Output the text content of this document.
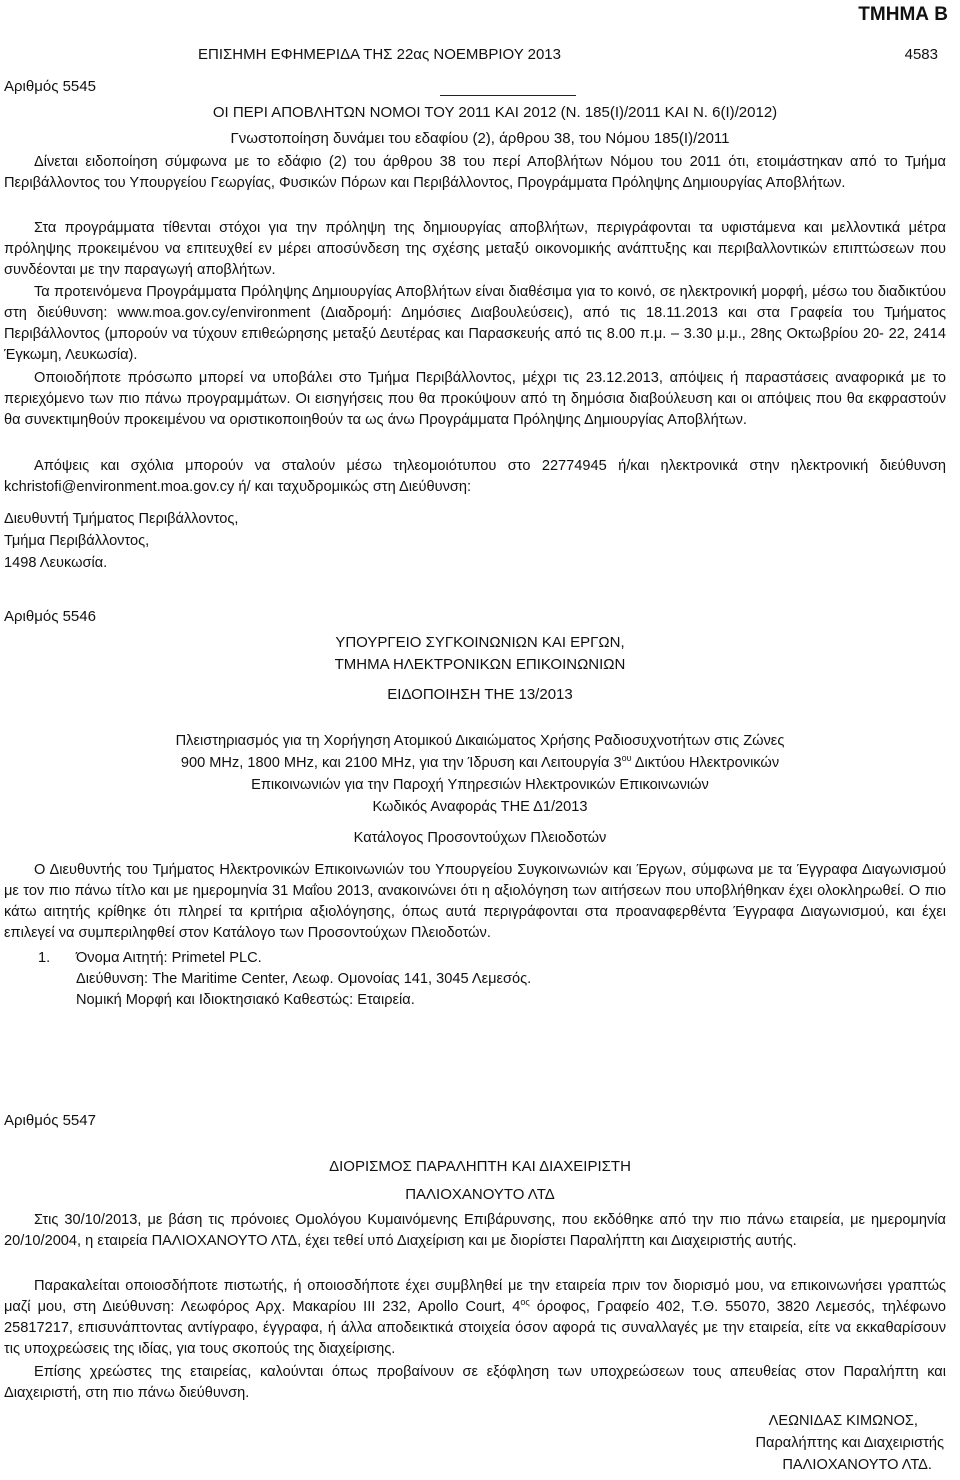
ΤΜΗΜΑ Β
ΕΠΙΣΗΜΗ ΕΦΗΜΕΡΙΔΑ ΤΗΣ 22ας ΝΟΕΜΒΡΙΟΥ 2013	4583
Αριθμός 5545
ΟΙ ΠΕΡΙ ΑΠΟΒΛΗΤΩΝ ΝΟΜΟΙ ΤΟΥ 2011 ΚΑΙ 2012 (Ν. 185(Ι)/2011 ΚΑΙ Ν. 6(Ι)/2012)
Γνωστοποίηση δυνάμει του εδαφίου (2), άρθρου 38, του Νόμου 185(Ι)/2011
Δίνεται ειδοποίηση σύμφωνα με το εδάφιο (2) του άρθρου 38 του περί Αποβλήτων Νόμου του 2011 ότι, ετοιμάστηκαν από το Τμήμα Περιβάλλοντος του Υπουργείου Γεωργίας, Φυσικών Πόρων και Περιβάλλοντος, Προγράμματα Πρόληψης Δημιουργίας Αποβλήτων.
Στα προγράμματα τίθενται στόχοι για την πρόληψη της δημιουργίας αποβλήτων, περιγράφονται τα υφιστάμενα και μελλοντικά μέτρα πρόληψης προκειμένου να επιτευχθεί εν μέρει αποσύνδεση της σχέσης μεταξύ οικονομικής ανάπτυξης και περιβαλλοντικών επιπτώσεων που συνδέονται με την παραγωγή αποβλήτων.
Τα προτεινόμενα Προγράμματα Πρόληψης Δημιουργίας Αποβλήτων είναι διαθέσιμα για το κοινό, σε ηλεκτρονική μορφή, μέσω του διαδικτύου στη διεύθυνση: www.moa.gov.cy/environment (Διαδρομή: Δημόσιες Διαβουλεύσεις), από τις 18.11.2013 και στα Γραφεία του Τμήματος Περιβάλλοντος (μπορούν να τύχουν επιθεώρησης μεταξύ Δευτέρας και Παρασκευής από τις 8.00 π.μ. – 3.30 μ.μ., 28ης Οκτωβρίου 20- 22, 2414 Έγκωμη, Λευκωσία).
Οποιοδήποτε πρόσωπο μπορεί να υποβάλει στο Τμήμα Περιβάλλοντος, μέχρι τις 23.12.2013, απόψεις ή παραστάσεις αναφορικά με το περιεχόμενο των πιο πάνω προγραμμάτων. Οι εισηγήσεις που θα προκύψουν από τη δημόσια διαβούλευση και οι απόψεις που θα εκφραστούν θα συνεκτιμηθούν προκειμένου να οριστικοποιηθούν τα ως άνω Προγράμματα Πρόληψης Δημιουργίας Αποβλήτων.
Απόψεις και σχόλια μπορούν να σταλούν μέσω τηλεομοιότυπου στο 22774945 ή/και ηλεκτρονικά στην ηλεκτρονική διεύθυνση kchristofi@environment.moa.gov.cy ή/ και ταχυδρομικώς στη Διεύθυνση:
Διευθυντή Τμήματος Περιβάλλοντος,
Τμήμα Περιβάλλοντος,
1498 Λευκωσία.
Αριθμός 5546
ΥΠΟΥΡΓΕΙΟ ΣΥΓΚΟΙΝΩΝΙΩΝ ΚΑΙ ΕΡΓΩΝ,
ΤΜΗΜΑ ΗΛΕΚΤΡΟΝΙΚΩΝ ΕΠΙΚΟΙΝΩΝΙΩΝ
ΕΙΔΟΠΟΙΗΣΗ ΤΗΕ 13/2013
Πλειστηριασμός για τη Χορήγηση Ατομικού Δικαιώματος Χρήσης Ραδιοσυχνοτήτων στις Ζώνες
900 MHz, 1800 MHz, και 2100 MHz, για την Ίδρυση και Λειτουργία $3^{o\upsilon}$ Δικτύου Ηλεκτρονικών
Επικοινωνιών για την Παροχή Υπηρεσιών Ηλεκτρονικών Επικοινωνιών
Κωδικός Αναφοράς ΤΗΕ Δ1/2013
Κατάλογος Προσοντούχων Πλειοδοτών
Ο Διευθυντής του Τμήματος Ηλεκτρονικών Επικοινωνιών του Υπουργείου Συγκοινωνιών και Έργων, σύμφωνα με τα Έγγραφα Διαγωνισμού με τον πιο πάνω τίτλο και με ημερομηνία 31 Μαΐου 2013, ανακοινώνει ότι η αξιολόγηση των αιτήσεων που υποβλήθηκαν έχει ολοκληρωθεί. Ο πιο κάτω αιτητής κρίθηκε ότι πληρεί τα κριτήρια αξιολόγησης, όπως αυτά περιγράφονται στα προαναφερθέντα Έγγραφα Διαγωνισμού, και έχει επιλεγεί να συμπεριληφθεί στον Κατάλογο των Προσοντούχων Πλειοδοτών.
1. Όνομα Αιτητή: Primetel PLC.
Διεύθυνση: The Maritime Center, Λεωφ. Ομονοίας 141, 3045 Λεμεσός.
Νομική Μορφή και Ιδιοκτησιακό Καθεστώς: Εταιρεία.
Αριθμός 5547
ΔΙΟΡΙΣΜΟΣ ΠΑΡΑΛΗΠΤΗ ΚΑΙ ΔΙΑΧΕΙΡΙΣΤΗ
ΠΑΛΙΟΧΑΝΟΥΤΟ ΛΤΔ
Στις 30/10/2013, με βάση τις πρόνοιες Ομολόγου Κυμαινόμενης Επιβάρυνσης, που εκδόθηκε από την πιο πάνω εταιρεία, με ημερομηνία 20/10/2004, η εταιρεία ΠΑΛΙΟΧΑΝΟΥΤΟ ΛΤΔ, έχει τεθεί υπό Διαχείριση και με διορίστει Παραλήπτη και Διαχειριστής αυτής.
Παρακαλείται οποιοσδήποτε πιστωτής, ή οποιοσδήποτε έχει συμβληθεί με την εταιρεία πριν τον διορισμό μου, να επικοινωνήσει γραπτώς μαζί μου, στη Διεύθυνση: Λεωφόρος Αρχ. Μακαρίου ΙΙΙ 232, Apollo Court, $4^{o\varsigma}$ όροφος, Γραφείο 402, Τ.Θ. 55070, 3820 Λεμεσός, τηλέφωνο 25817217, επισυνάπτοντας αντίγραφο, έγγραφα, ή άλλα αποδεικτικά στοιχεία όσον αφορά τις συναλλαγές με την εταιρεία, είτε να εκκαθαρίσουν τις υποχρεώσεις της ιδίας, για τους σκοπούς της διαχείρισης.
Επίσης χρεώστες της εταιρείας, καλούνται όπως προβαίνουν σε εξόφληση των υποχρεώσεων τους απευθείας στον Παραλήπτη και Διαχειριστή, στη πιο πάνω διεύθυνση.
ΛΕΩΝΙΔΑΣ ΚΙΜΩΝΟΣ,
Παραλήπτης και Διαχειριστής
ΠΑΛΙΟΧΑΝΟΥΤΟ ΛΤΔ.
